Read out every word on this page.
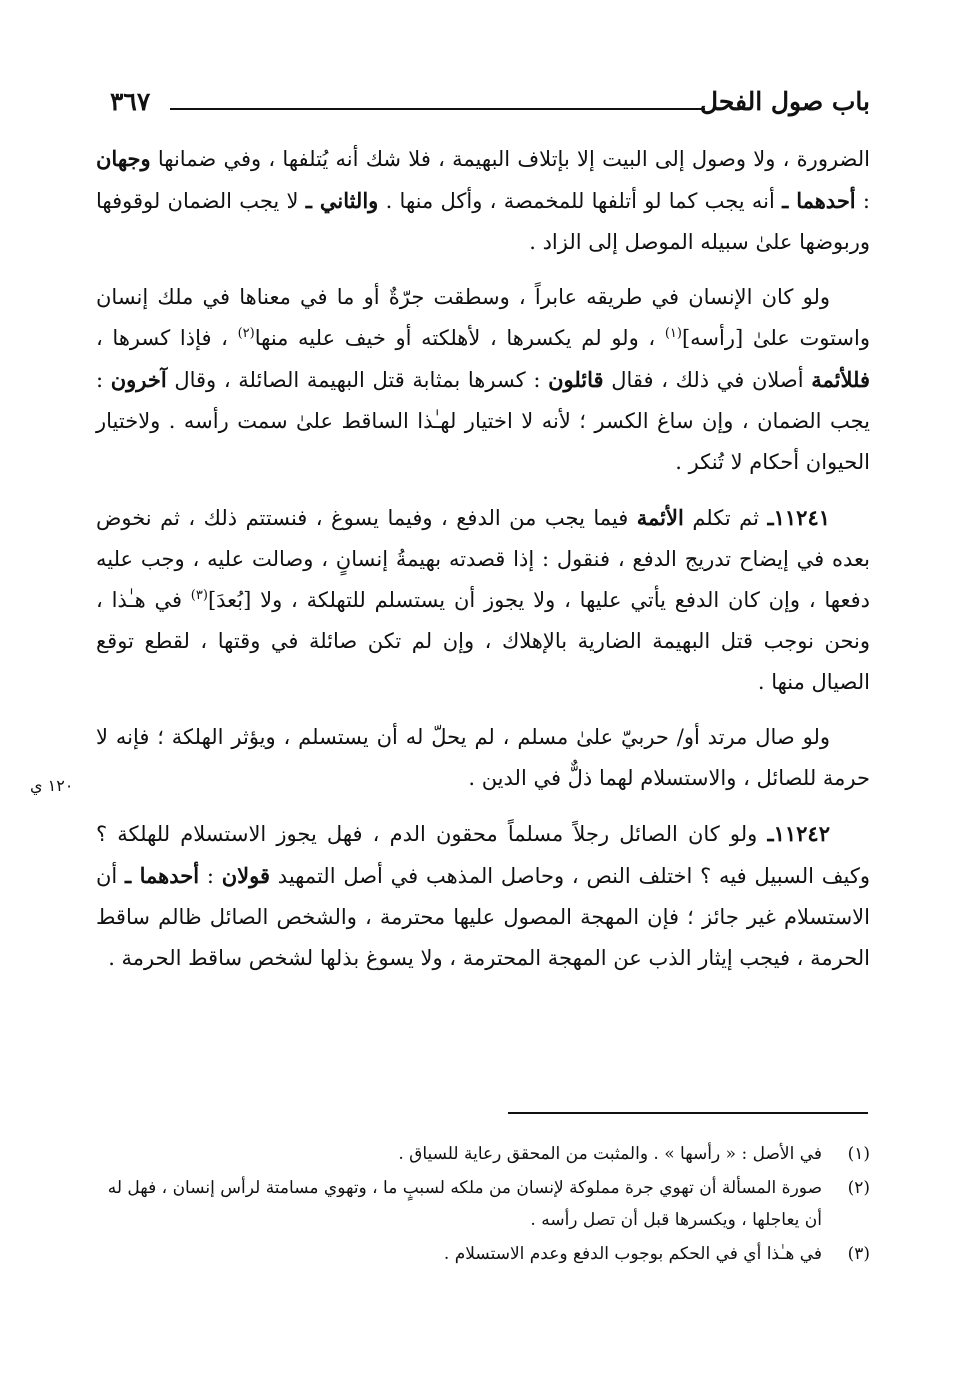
باب صول الفحل
٣٦٧

الضرورة ، ولا وصول إلى البيت إلا بإتلاف البهيمة ، فلا شك أنه يُتلفها ، وفي ضمانها وجهان : أحدهما ـ أنه يجب كما لو أتلفها للمخمصة ، وأكل منها . والثاني ـ لا يجب الضمان لوقوفها وربوضها علىٰ سبيله الموصل إلى الزاد .

ولو كان الإنسان في طريقه عابراً ، وسطقت جرّةٌ أو ما في معناها في ملك إنسان واستوت علىٰ [رأسه]$^{(١)}$ ، ولو لم يكسرها ، لأهلكته أو خيف عليه منها$^{(٢)}$ ، فإذا كسرها ، فللأئمة أصلان في ذلك ، فقال قائلون : كسرها بمثابة قتل البهيمة الصائلة ، وقال آخرون : يجب الضمان ، وإن ساغ الكسر ؛ لأنه لا اختيار لهـٰذا الساقط علىٰ سمت رأسه . ولاختيار الحيوان أحكام لا تُنكر .

١١٢٤١ـ ثم تكلم الأئمة فيما يجب من الدفع ، وفيما يسوغ ، فنستتم ذلك ، ثم نخوض بعده في إيضاح تدريج الدفع ، فنقول : إذا قصدته بهيمةُ إنسانٍ ، وصالت عليه ، وجب عليه دفعها ، وإن كان الدفع يأتي عليها ، ولا يجوز أن يستسلم للتهلكة ، ولا [بُعدَ]$^{(٣)}$ في هـٰذا ، ونحن نوجب قتل البهيمة الضارية بالإهلاك ، وإن لم تكن صائلة في وقتها ، لقطع توقع الصيال منها .

ولو صال مرتد أو/ حربيّ علىٰ مسلم ، لم يحلّ له أن يستسلم ، ويؤثر الهلكة ؛ فإنه لا حرمة للصائل ، والاستسلام لهما ذلٌّ في الدين .

١١٢٤٢ـ ولو كان الصائل رجلاً مسلماً محقون الدم ، فهل يجوز الاستسلام للهلكة ؟ وكيف السبيل فيه ؟ اختلف النص ، وحاصل المذهب في أصل التمهيد قولان : أحدهما ـ أن الاستسلام غير جائز ؛ فإن المهجة المصول عليها محترمة ، والشخص الصائل ظالم ساقط الحرمة ، فيجب إيثار الذب عن المهجة المحترمة ، ولا يسوغ بذلها لشخص ساقط الحرمة .

١٢٠ ي
(١)
في الأصل : « رأسها » . والمثبت من المحقق رعاية للسياق .
(٢)
صورة المسألة أن تهوي جرة مملوكة لإنسان من ملكه لسببٍ ما ، وتهوي مسامتة لرأس إنسان ، فهل له أن يعاجلها ، ويكسرها قبل أن تصل رأسه .
(٣)
في هـٰذا أي في الحكم بوجوب الدفع وعدم الاستسلام .
